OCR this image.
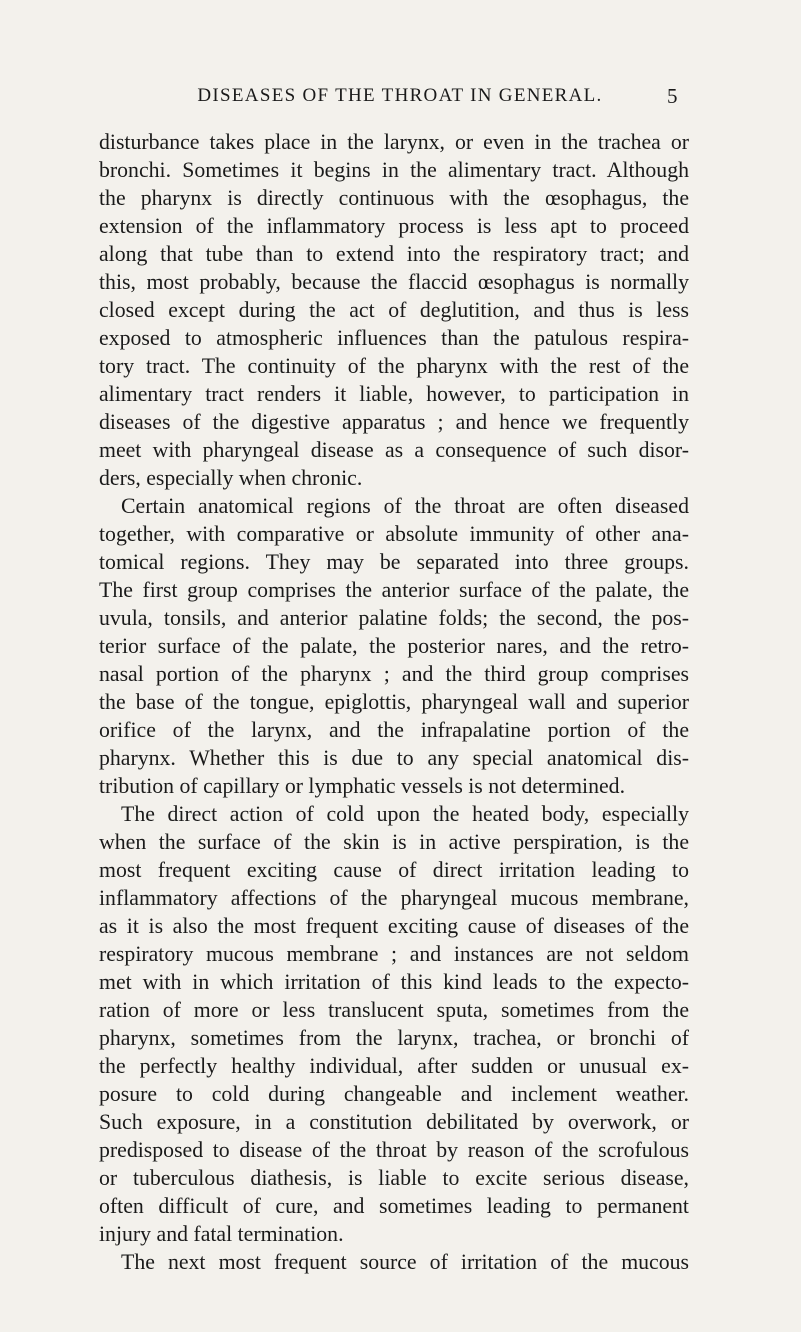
DISEASES OF THE THROAT IN GENERAL.	5
disturbance takes place in the larynx, or even in the trachea or
bronchi. Sometimes it begins in the alimentary tract. Although
the pharynx is directly continuous with the œsophagus, the
extension of the inflammatory process is less apt to proceed
along that tube than to extend into the respiratory tract; and
this, most probably, because the flaccid œsophagus is normally
closed except during the act of deglutition, and thus is less
exposed to atmospheric influences than the patulous respira-
tory tract. The continuity of the pharynx with the rest of the
alimentary tract renders it liable, however, to participation in
diseases of the digestive apparatus ; and hence we frequently
meet with pharyngeal disease as a consequence of such disor-
ders, especially when chronic.
Certain anatomical regions of the throat are often diseased
together, with comparative or absolute immunity of other ana-
tomical regions. They may be separated into three groups.
The first group comprises the anterior surface of the palate, the
uvula, tonsils, and anterior palatine folds; the second, the pos-
terior surface of the palate, the posterior nares, and the retro-
nasal portion of the pharynx ; and the third group comprises
the base of the tongue, epiglottis, pharyngeal wall and superior
orifice of the larynx, and the infrapalatine portion of the
pharynx. Whether this is due to any special anatomical dis-
tribution of capillary or lymphatic vessels is not determined.
The direct action of cold upon the heated body, especially
when the surface of the skin is in active perspiration, is the
most frequent exciting cause of direct irritation leading to
inflammatory affections of the pharyngeal mucous membrane,
as it is also the most frequent exciting cause of diseases of the
respiratory mucous membrane ; and instances are not seldom
met with in which irritation of this kind leads to the expecto-
ration of more or less translucent sputa, sometimes from the
pharynx, sometimes from the larynx, trachea, or bronchi of
the perfectly healthy individual, after sudden or unusual ex-
posure to cold during changeable and inclement weather.
Such exposure, in a constitution debilitated by overwork, or
predisposed to disease of the throat by reason of the scrofulous
or tuberculous diathesis, is liable to excite serious disease,
often difficult of cure, and sometimes leading to permanent
injury and fatal termination.
The next most frequent source of irritation of the mucous
